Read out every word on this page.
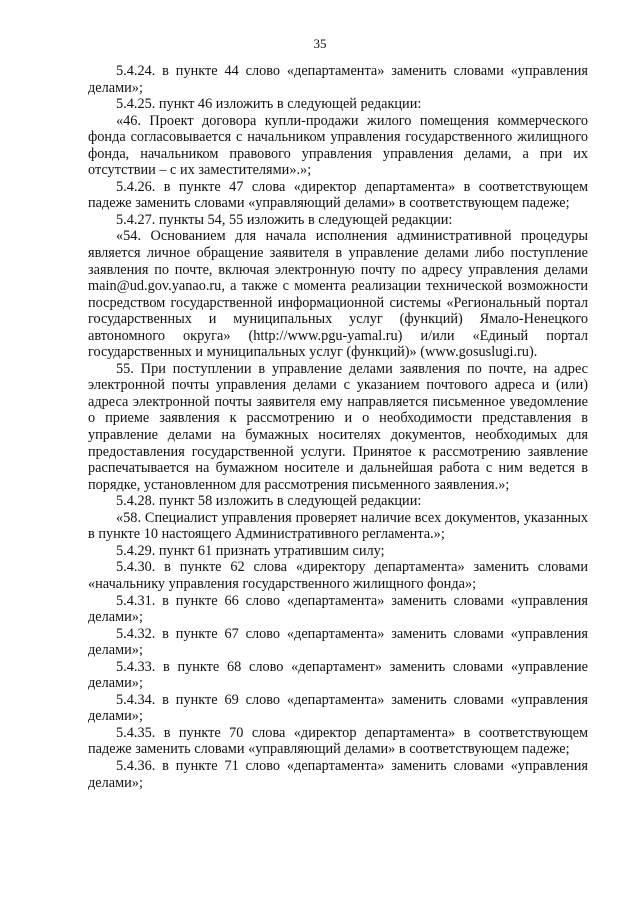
35

5.4.24. в пункте 44 слово «департамента» заменить словами «управления делами»;

5.4.25. пункт 46 изложить в следующей редакции:

«46. Проект договора купли-продажи жилого помещения коммерческого фонда согласовывается с начальником управления государственного жилищного фонда, начальником правового управления управления делами, а при их отсутствии – с их заместителями».»;

5.4.26. в пункте 47 слова «директор департамента» в соответствующем падеже заменить словами «управляющий делами» в соответствующем падеже;

5.4.27. пункты 54, 55 изложить в следующей редакции:

«54. Основанием для начала исполнения административной процедуры является личное обращение заявителя в управление делами либо поступление заявления по почте, включая электронную почту по адресу управления делами main@ud.gov.yanao.ru, а также с момента реализации технической возможности посредством государственной информационной системы «Региональный портал государственных и муниципальных услуг (функций) Ямало-Ненецкого автономного округа» (http://www.pgu-yamal.ru) и/или «Единый портал государственных и муниципальных услуг (функций)» (www.gosuslugi.ru).

55. При поступлении в управление делами заявления по почте, на адрес электронной почты управления делами с указанием почтового адреса и (или) адреса электронной почты заявителя ему направляется письменное уведомление о приеме заявления к рассмотрению и о необходимости представления в управление делами на бумажных носителях документов, необходимых для предоставления государственной услуги. Принятое к рассмотрению заявление распечатывается на бумажном носителе и дальнейшая работа с ним ведется в порядке, установленном для рассмотрения письменного заявления.»;

5.4.28. пункт 58 изложить в следующей редакции:

«58. Специалист управления проверяет наличие всех документов, указанных в пункте 10 настоящего Административного регламента.»;

5.4.29. пункт 61 признать утратившим силу;

5.4.30. в пункте 62 слова «директору департамента» заменить словами «начальнику управления государственного жилищного фонда»;

5.4.31. в пункте 66 слово «департамента» заменить словами «управления делами»;

5.4.32. в пункте 67 слово «департамента» заменить словами «управления делами»;

5.4.33. в пункте 68 слово «департамент» заменить словами «управление делами»;

5.4.34. в пункте 69 слово «департамента» заменить словами «управления делами»;

5.4.35. в пункте 70 слова «директор департамента» в соответствующем падеже заменить словами «управляющий делами» в соответствующем падеже;

5.4.36. в пункте 71 слово «департамента» заменить словами «управления делами»;
